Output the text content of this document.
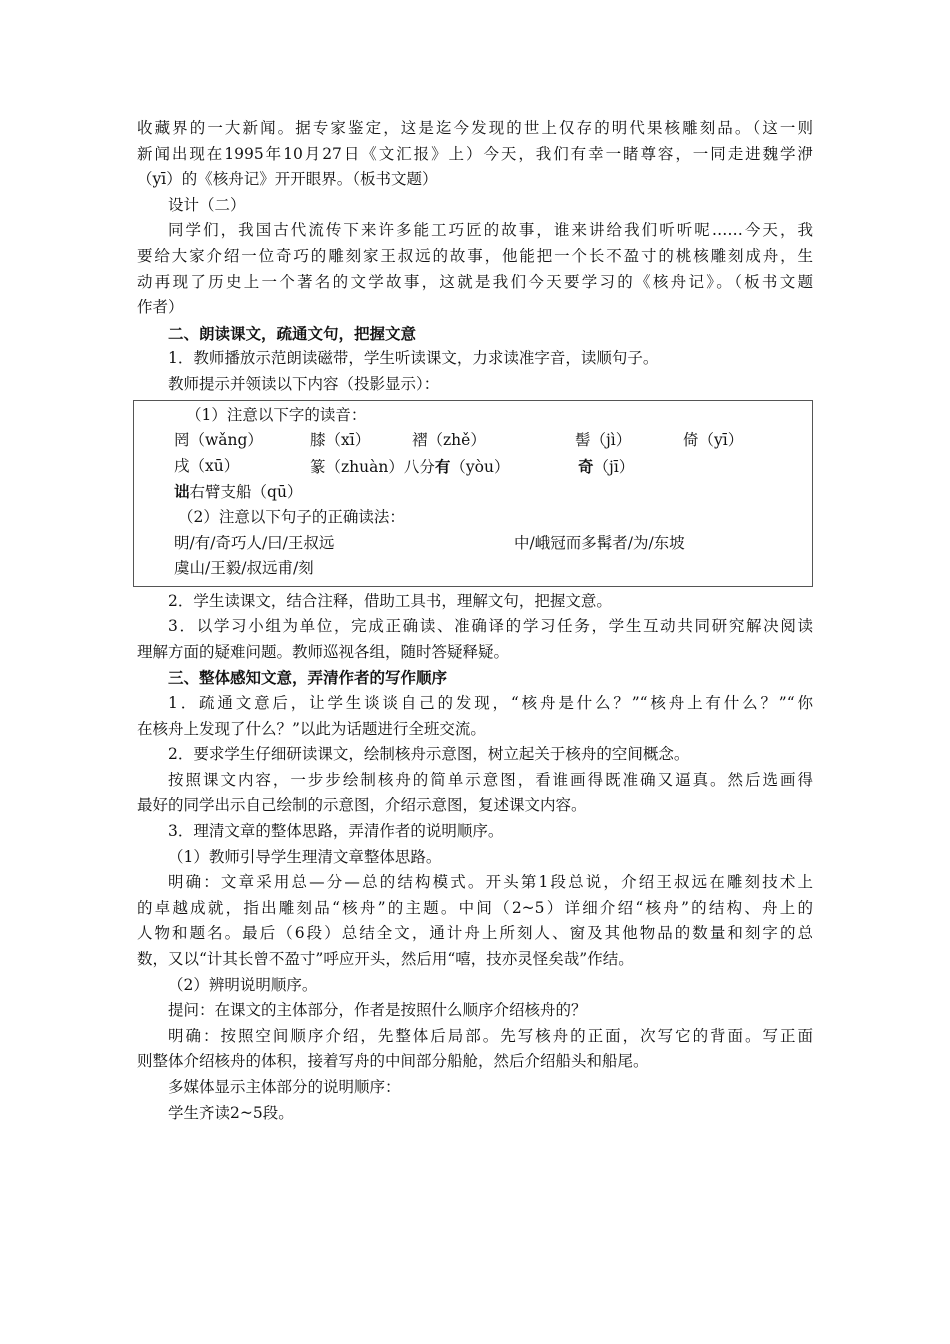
收藏界的一大新闻。据专家鉴定，这是迄今发现的世上仅存的明代果核雕刻品。（这一则
新闻出现在1995年10月27日《文汇报》上）今天，我们有幸一睹尊容，一同走进魏学洢
（yī）的《核舟记》开开眼界。（板书文题）
设计（二）
同学们，我国古代流传下来许多能工巧匠的故事，谁来讲给我们听听呢……今天，我
要给大家介绍一位奇巧的雕刻家王叔远的故事，他能把一个长不盈寸的桃核雕刻成舟，生
动再现了历史上一个著名的文学故事，这就是我们今天要学习的《核舟记》。（板书文题
作者）
二、朗读课文，疏通文句，把握文意
1．教师播放示范朗读磁带，学生听读课文，力求读准字音，读顺句子。
教师提示并领读以下内容（投影显示）：
（1）注意以下字的读音：
罔（wǎng）	膝（xī）	褶（zhě）	髻（jì）	倚（yī）
戌（xū）	篆（zhuàn）八分有（yòu）	奇（jī）
诎右臂支船（qū）
（2）注意以下句子的正确读法：
明/有/奇巧人/曰/王叔远	中/峨冠而多髯者/为/东坡
虞山/王毅/叔远甫/刻
2．学生读课文，结合注释，借助工具书，理解文句，把握文意。
3．以学习小组为单位，完成正确读、准确译的学习任务，学生互动共同研究解决阅读
理解方面的疑难问题。教师巡视各组，随时答疑释疑。
三、整体感知文意，弄清作者的写作顺序
1．疏通文意后，让学生谈谈自己的发现，“核舟是什么？”“核舟上有什么？”“你
在核舟上发现了什么？”以此为话题进行全班交流。
2．要求学生仔细研读课文，绘制核舟示意图，树立起关于核舟的空间概念。
按照课文内容，一步步绘制核舟的简单示意图，看谁画得既准确又逼真。然后选画得
最好的同学出示自己绘制的示意图，介绍示意图，复述课文内容。
3．理清文章的整体思路，弄清作者的说明顺序。
（1）教师引导学生理清文章整体思路。
明确：文章采用总—分—总的结构模式。开头第1段总说，介绍王叔远在雕刻技术上
的卓越成就，指出雕刻品“核舟”的主题。中间（2~5）详细介绍“核舟”的结构、舟上的
人物和题名。最后（6段）总结全文，通计舟上所刻人、窗及其他物品的数量和刻字的总
数，又以“计其长曾不盈寸”呼应开头，然后用“嘻，技亦灵怪矣哉”作结。
（2）辨明说明顺序。
提问：在课文的主体部分，作者是按照什么顺序介绍核舟的？
明确：按照空间顺序介绍，先整体后局部。先写核舟的正面，次写它的背面。写正面
则整体介绍核舟的体积，接着写舟的中间部分船舱，然后介绍船头和船尾。
多媒体显示主体部分的说明顺序：
学生齐读2~5段。
